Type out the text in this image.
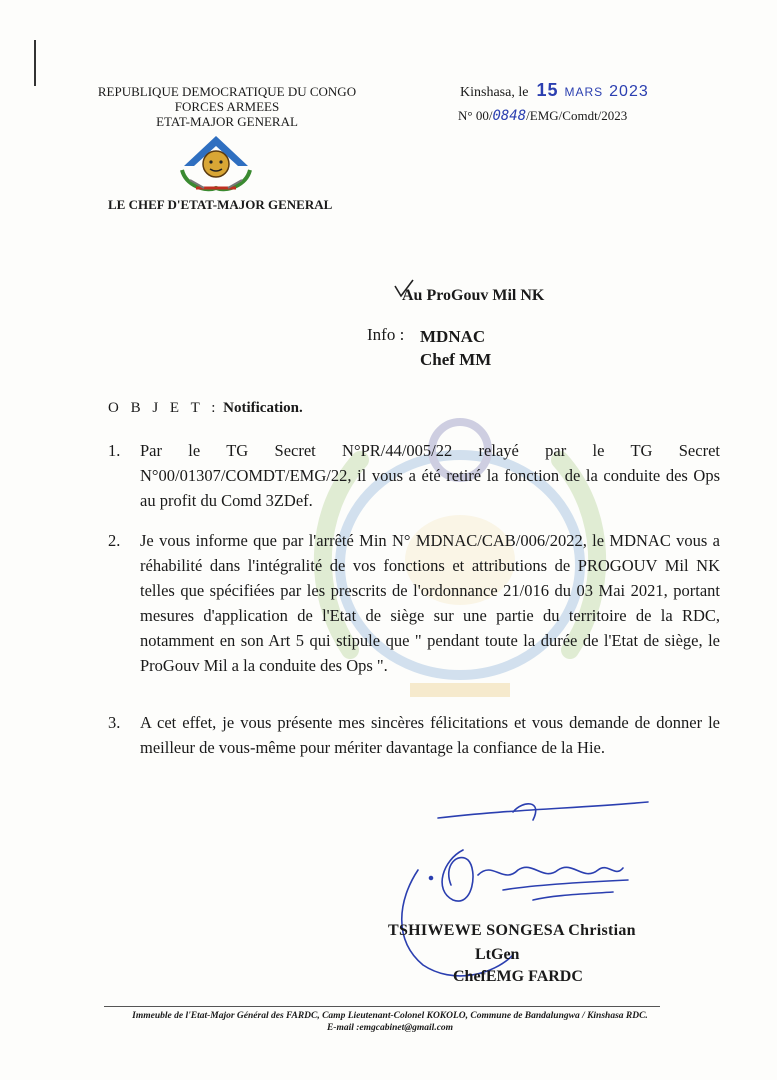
REPUBLIQUE DEMOCRATIQUE DU CONGO
FORCES ARMEES
ETAT-MAJOR GENERAL
LE CHEF D'ETAT-MAJOR GENERAL
Kinshasa, le 15 MARS 2023
N° 00/0848/EMG/Comdt/2023
Au ProGouv Mil NK
Info : MDNAC
Chef MM
O B J E T : Notification.
1. Par le TG Secret N°PR/44/005/22 relayé par le TG Secret N°00/01307/COMDT/EMG/22, il vous a été retiré la fonction de la conduite des Ops au profit du Comd 3ZDef.
2. Je vous informe que par l'arrêté Min N° MDNAC/CAB/006/2022, le MDNAC vous a réhabilité dans l'intégralité de vos fonctions et attributions de PROGOUV Mil NK telles que spécifiées par les prescrits de l'ordonnance 21/016 du 03 Mai 2021, portant mesures d'application de l'Etat de siège sur une partie du territoire de la RDC, notamment en son Art 5 qui stipule que " pendant toute la durée de l'Etat de siège, le ProGouv Mil a la conduite des Ops ".
3. A cet effet, je vous présente mes sincères félicitations et vous demande de donner le meilleur de vous-même pour mériter davantage la confiance de la Hie.
TSHIWEWE SONGESA Christian
LtGen
ChefEMG FARDC
Immeuble de l'Etat-Major Général des FARDC, Camp Lieutenant-Colonel KOKOLO, Commune de Bandalungwa / Kinshasa RDC.
E-mail :emgcabinet@gmail.com
